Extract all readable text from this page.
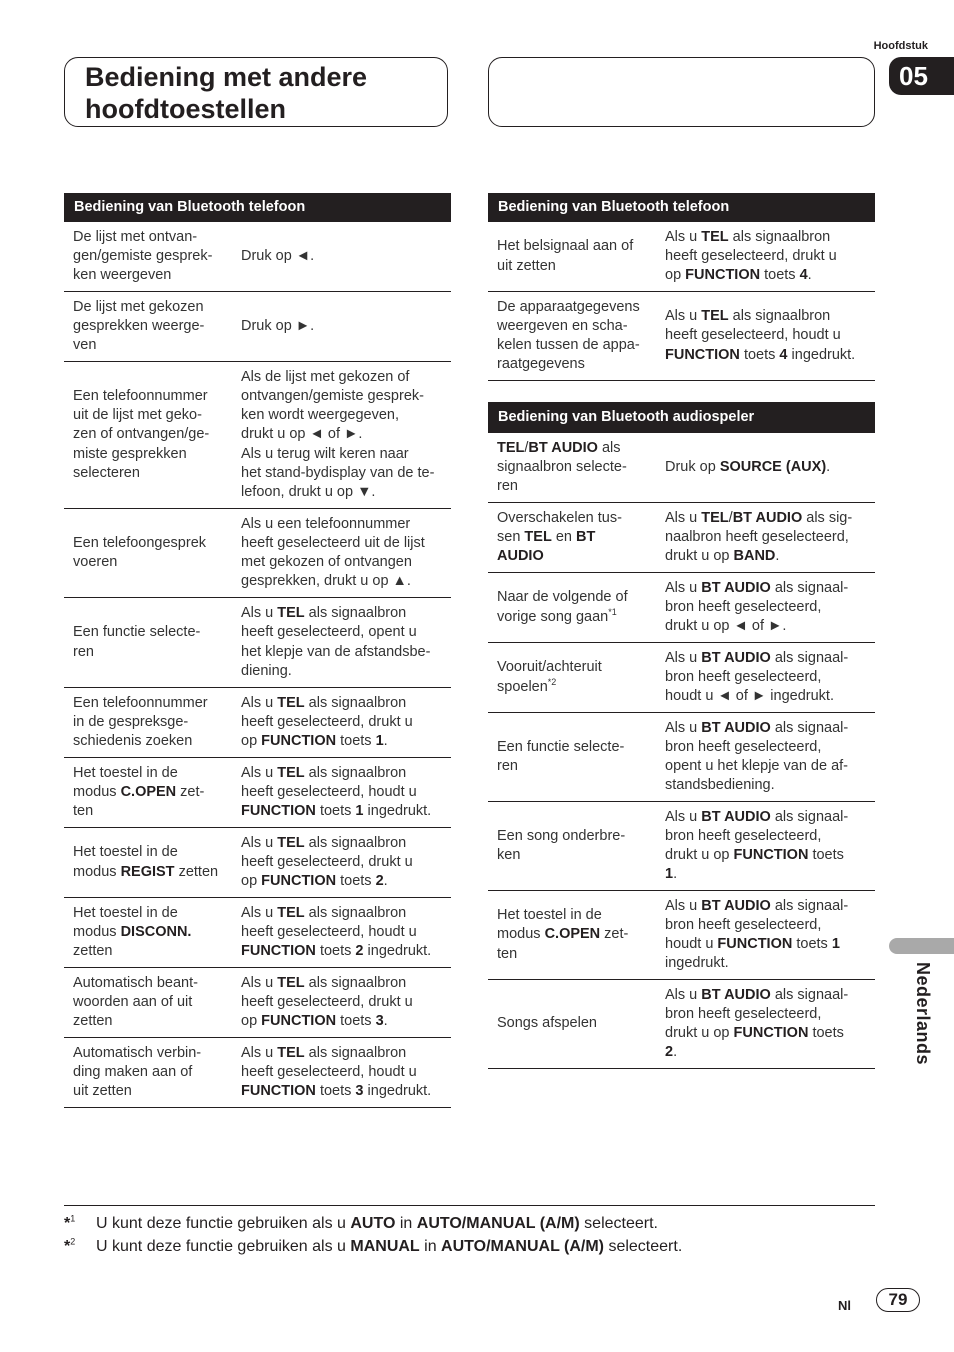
Bediening met andere
hoofdtoestellen
Hoofdstuk
05
Nederlands
Bediening van Bluetooth telefoon
De lijst met ontvan-
gen/gemiste gesprek-
ken weergeven
Druk op ◄.
De lijst met gekozen
gesprekken weerge-
ven
Druk op ►.
Een telefoonnummer
uit de lijst met geko-
zen of ontvangen/ge-
miste gesprekken
selecteren
Als de lijst met gekozen of
ontvangen/gemiste gesprek-
ken wordt weergegeven,
drukt u op ◄ of ►.
Als u terug wilt keren naar
het stand-bydisplay van de te-
lefoon, drukt u op ▼.
Een telefoongesprek
voeren
Als u een telefoonnummer
heeft geselecteerd uit de lijst
met gekozen of ontvangen
gesprekken, drukt u op ▲.
Een functie selecte-
ren
Als u TEL als signaalbron
heeft geselecteerd, opent u
het klepje van de afstandsbe-
diening.
Een telefoonnummer
in de gespreksge-
schiedenis zoeken
Als u TEL als signaalbron
heeft geselecteerd, drukt u
op FUNCTION toets 1.
Het toestel in de
modus C.OPEN zet-
ten
Als u TEL als signaalbron
heeft geselecteerd, houdt u
FUNCTION toets 1 ingedrukt.
Het toestel in de
modus REGIST zetten
Als u TEL als signaalbron
heeft geselecteerd, drukt u
op FUNCTION toets 2.
Het toestel in de
modus DISCONN.
zetten
Als u TEL als signaalbron
heeft geselecteerd, houdt u
FUNCTION toets 2 ingedrukt.
Automatisch beant-
woorden aan of uit
zetten
Als u TEL als signaalbron
heeft geselecteerd, drukt u
op FUNCTION toets 3.
Automatisch verbin-
ding maken aan of
uit zetten
Als u TEL als signaalbron
heeft geselecteerd, houdt u
FUNCTION toets 3 ingedrukt.
Bediening van Bluetooth telefoon
Het belsignaal aan of
uit zetten
Als u TEL als signaalbron
heeft geselecteerd, drukt u
op FUNCTION toets 4.
De apparaatgegevens
weergeven en scha-
kelen tussen de appa-
raatgegevens
Als u TEL als signaalbron
heeft geselecteerd, houdt u
FUNCTION toets 4 ingedrukt.
Bediening van Bluetooth audiospeler
TEL/BT AUDIO als
signaalbron selecte-
ren
Druk op SOURCE (AUX).
Overschakelen tus-
sen TEL en BT
AUDIO
Als u TEL/BT AUDIO als sig-
naalbron heeft geselecteerd,
drukt u op BAND.
Naar de volgende of
vorige song gaan$^{*1}$
Als u BT AUDIO als signaal-
bron heeft geselecteerd,
drukt u op ◄ of ►.
Vooruit/achteruit
spoelen$^{*2}$
Als u BT AUDIO als signaal-
bron heeft geselecteerd,
houdt u ◄ of ► ingedrukt.
Een functie selecte-
ren
Als u BT AUDIO als signaal-
bron heeft geselecteerd,
opent u het klepje van de af-
standsbediening.
Een song onderbre-
ken
Als u BT AUDIO als signaal-
bron heeft geselecteerd,
drukt u op FUNCTION toets
1.
Het toestel in de
modus C.OPEN zet-
ten
Als u BT AUDIO als signaal-
bron heeft geselecteerd,
houdt u FUNCTION toets 1
ingedrukt.
Songs afspelen
Als u BT AUDIO als signaal-
bron heeft geselecteerd,
drukt u op FUNCTION toets
2.
*$^1$ U kunt deze functie gebruiken als u AUTO in AUTO/MANUAL (A/M) selecteert.
*$^2$ U kunt deze functie gebruiken als u MANUAL in AUTO/MANUAL (A/M) selecteert.
Nl	79
